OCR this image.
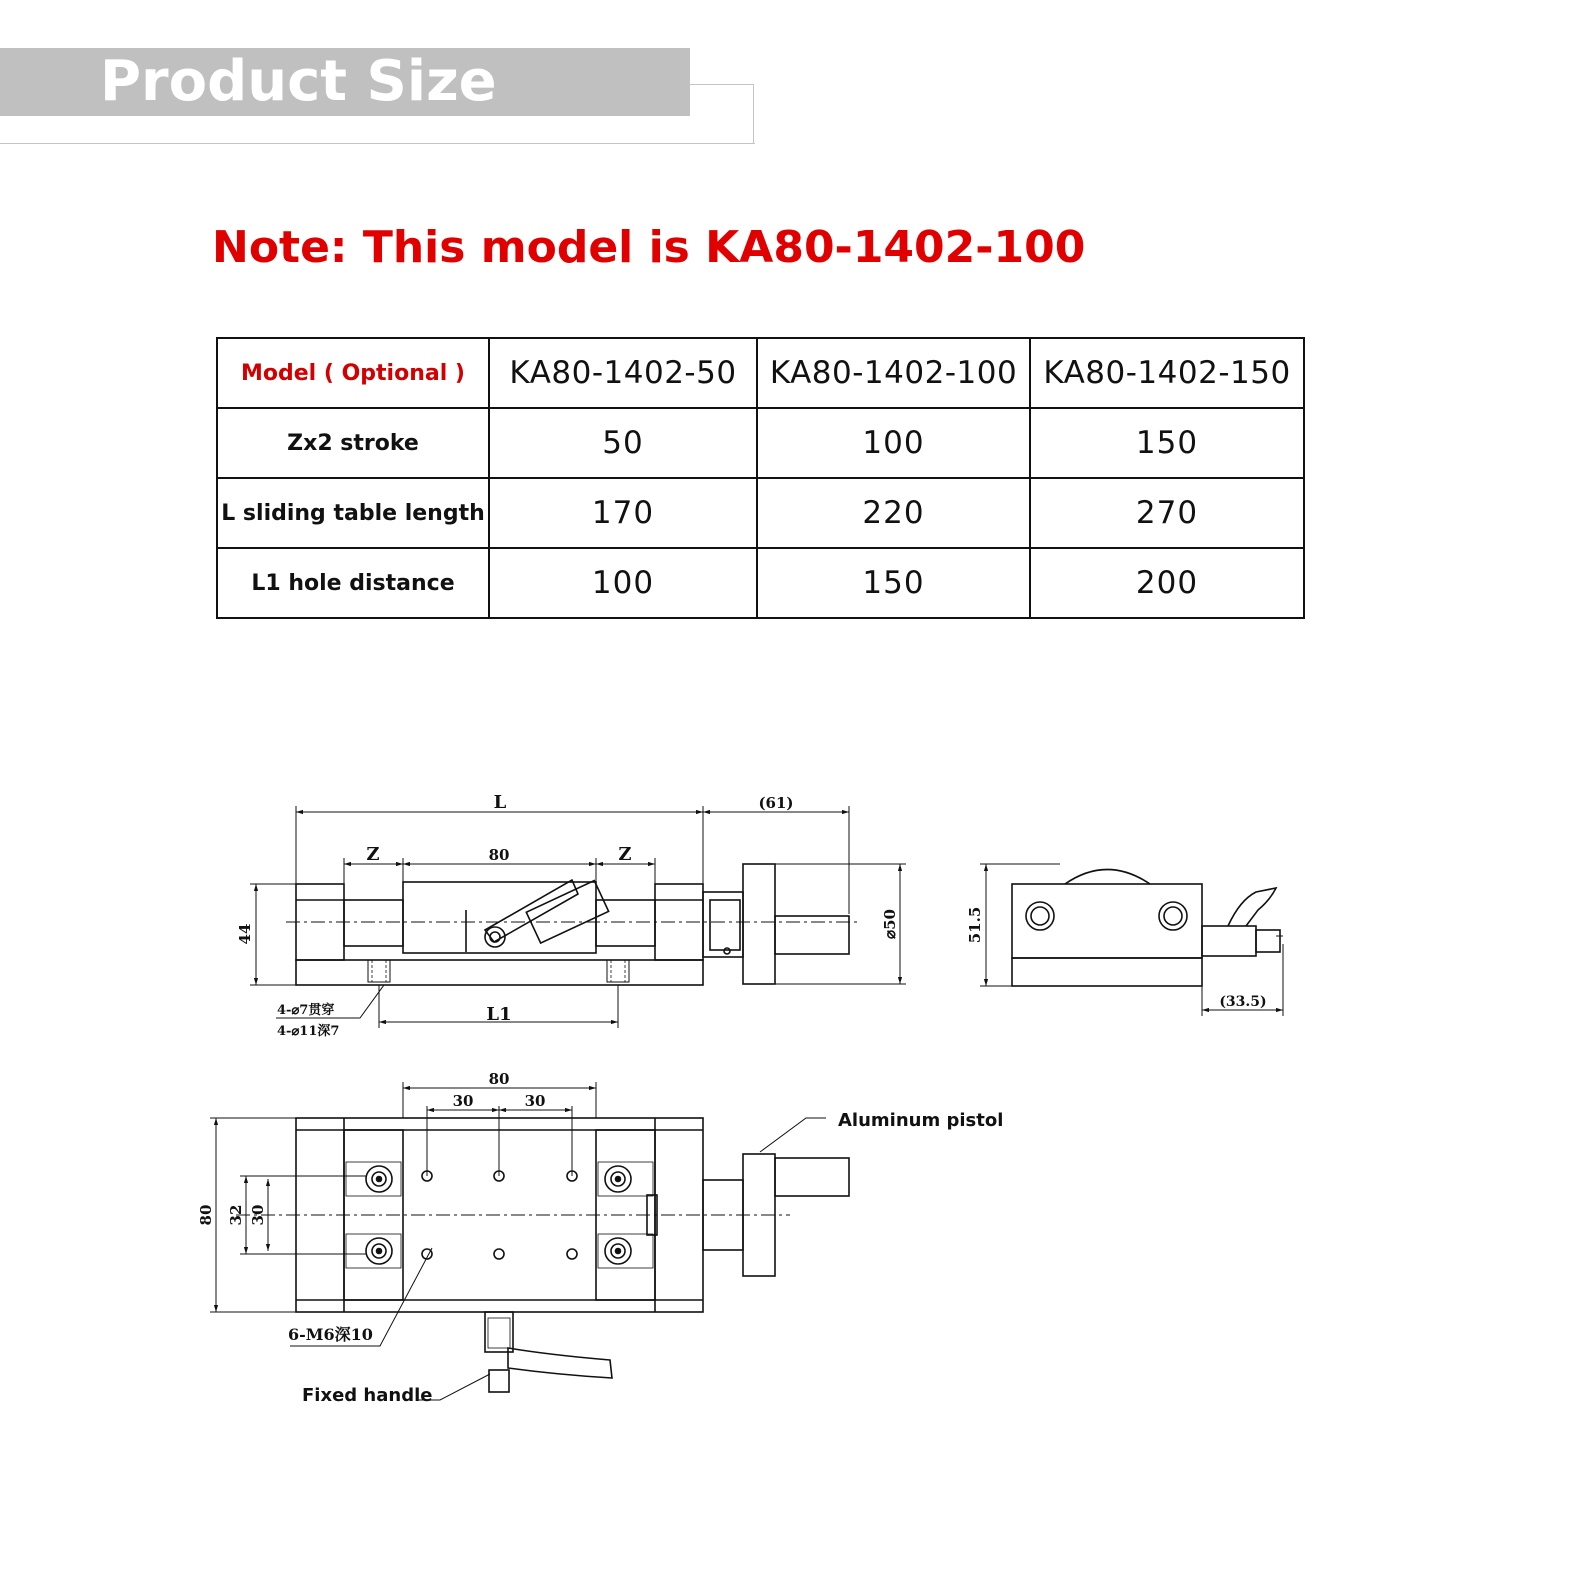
Product Size
Note: This model is KA80-1402-100
Model ( Optional )	KA80-1402-50	KA80-1402-100	KA80-1402-150
Zx2 stroke	50	100	150
L sliding table length	170	220	270
L1 hole distance	100	150	200
L	(61)
Z	80	Z
44	⌀50
L1
4-⌀7贯穿
4-⌀11深7
51.5
(33.5)
80
30	30
80 32 30
6-M6深10
Aluminum pistol
Fixed handle
